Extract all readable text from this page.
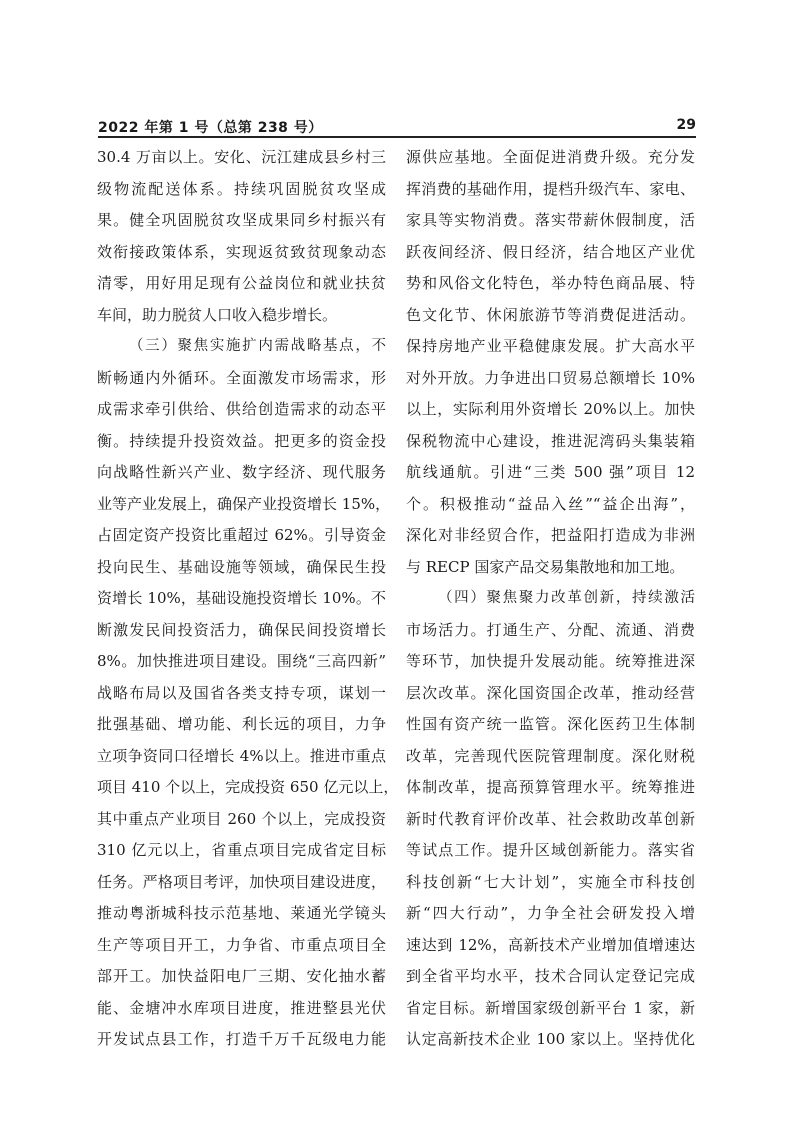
2022 年第 1 号（总第 238 号）	29
30.4 万亩以上。安化、沅江建成县乡村三
级物流配送体系。持续巩固脱贫攻坚成
果。健全巩固脱贫攻坚成果同乡村振兴有
效衔接政策体系，实现返贫致贫现象动态
清零，用好用足现有公益岗位和就业扶贫
车间，助力脱贫人口收入稳步增长。
（三）聚焦实施扩内需战略基点，不
断畅通内外循环。全面激发市场需求，形
成需求牵引供给、供给创造需求的动态平
衡。持续提升投资效益。把更多的资金投
向战略性新兴产业、数字经济、现代服务
业等产业发展上，确保产业投资增长 15%，
占固定资产投资比重超过 62%。引导资金
投向民生、基础设施等领域，确保民生投
资增长 10%，基础设施投资增长 10%。不
断激发民间投资活力，确保民间投资增长
8%。加快推进项目建设。围绕“三高四新”
战略布局以及国省各类支持专项，谋划一
批强基础、增功能、利长远的项目，力争
立项争资同口径增长 4%以上。推进市重点
项目 410 个以上，完成投资 650 亿元以上，
其中重点产业项目 260 个以上，完成投资
310 亿元以上，省重点项目完成省定目标
任务。严格项目考评，加快项目建设进度，
推动粤浙城科技示范基地、莱通光学镜头
生产等项目开工，力争省、市重点项目全
部开工。加快益阳电厂三期、安化抽水蓄
能、金塘冲水库项目进度，推进整县光伏
开发试点县工作，打造千万千瓦级电力能
源供应基地。全面促进消费升级。充分发
挥消费的基础作用，提档升级汽车、家电、
家具等实物消费。落实带薪休假制度，活
跃夜间经济、假日经济，结合地区产业优
势和风俗文化特色，举办特色商品展、特
色文化节、休闲旅游节等消费促进活动。
保持房地产业平稳健康发展。扩大高水平
对外开放。力争进出口贸易总额增长 10%
以上，实际利用外资增长 20%以上。加快
保税物流中心建设，推进泥湾码头集装箱
航线通航。引进“三类 500 强”项目 12
个。积极推动“益品入丝”“益企出海”，
深化对非经贸合作，把益阳打造成为非洲
与 RECP 国家产品交易集散地和加工地。
（四）聚焦聚力改革创新，持续激活
市场活力。打通生产、分配、流通、消费
等环节，加快提升发展动能。统筹推进深
层次改革。深化国资国企改革，推动经营
性国有资产统一监管。深化医药卫生体制
改革，完善现代医院管理制度。深化财税
体制改革，提高预算管理水平。统筹推进
新时代教育评价改革、社会救助改革创新
等试点工作。提升区域创新能力。落实省
科技创新“七大计划”，实施全市科技创
新“四大行动”，力争全社会研发投入增
速达到 12%，高新技术产业增加值增速达
到全省平均水平，技术合同认定登记完成
省定目标。新增国家级创新平台 1 家，新
认定高新技术企业 100 家以上。坚持优化
